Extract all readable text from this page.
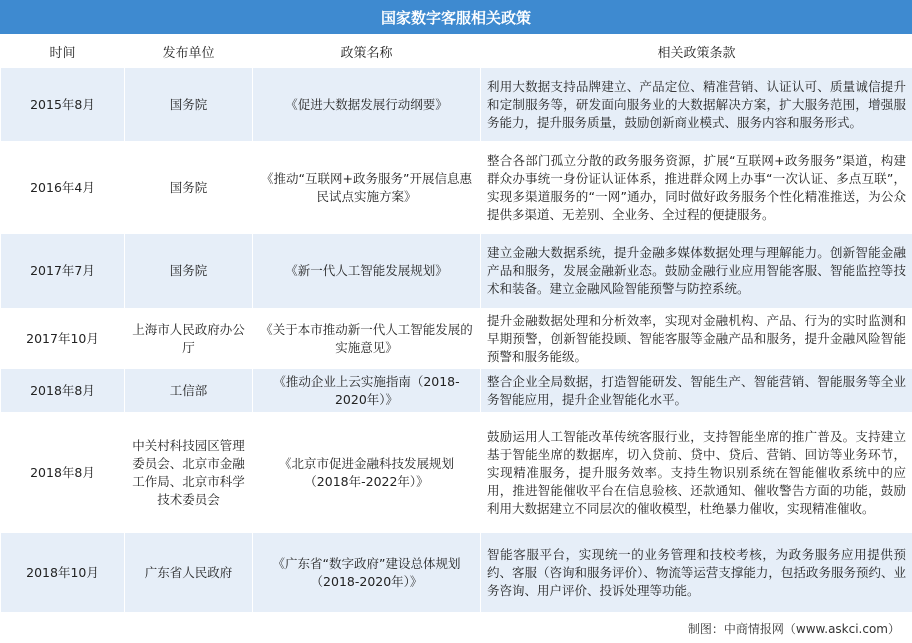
国家数字客服相关政策
时间	发布单位	政策名称	相关政策条款
2015年8月	国务院	《促进大数据发展行动纲要》	利用大数据支持品牌建立、产品定位、精准营销、认证认可、质量诚信提升和定制服务等，研发面向服务业的大数据解决方案，扩大服务范围，增强服务能力，提升服务质量，鼓励创新商业模式、服务内容和服务形式。
2016年4月	国务院	《推动“互联网+政务服务”开展信息惠民试点实施方案》	整合各部门孤立分散的政务服务资源，扩展“互联网+政务服务”渠道，构建群众办事统一身份证认证体系，推进群众网上办事“一次认证、多点互联”，实现多渠道服务的“一网”通办，同时做好政务服务个性化精准推送，为公众提供多渠道、无差别、全业务、全过程的便捷服务。
2017年7月	国务院	《新一代人工智能发展规划》	建立金融大数据系统，提升金融多媒体数据处理与理解能力。创新智能金融产品和服务，发展金融新业态。鼓励金融行业应用智能客服、智能监控等技术和装备。建立金融风险智能预警与防控系统。
2017年10月	上海市人民政府办公厅	《关于本市推动新一代人工智能发展的实施意见》	提升金融数据处理和分析效率，实现对金融机构、产品、行为的实时监测和早期预警，创新智能投顾、智能客服等金融产品和服务，提升金融风险智能预警和服务能级。
2018年8月	工信部	《推动企业上云实施指南（2018-2020年）》	整合企业全局数据，打造智能研发、智能生产、智能营销、智能服务等全业务智能应用，提升企业智能化水平。
2018年8月	中关村科技园区管理委员会、北京市金融工作局、北京市科学技术委员会	《北京市促进金融科技发展规划（2018年-2022年）》	鼓励运用人工智能改革传统客服行业，支持智能坐席的推广普及。支持建立基于智能坐席的数据库，切入贷前、贷中、贷后、营销、回访等业务环节，实现精准服务，提升服务效率。支持生物识别系统在智能催收系统中的应用，推进智能催收平台在信息验核、还款通知、催收警告方面的功能，鼓励利用大数据建立不同层次的催收模型，杜绝暴力催收，实现精准催收。
2018年10月	广东省人民政府	《广东省“数字政府”建设总体规划（2018-2020年）》	智能客服平台，实现统一的业务管理和技校考核，为政务服务应用提供预约、客服（咨询和服务评价）、物流等运营支撑能力，包括政务服务预约、业务咨询、用户评价、投诉处理等功能。
制图：中商情报网（www.askci.com）
